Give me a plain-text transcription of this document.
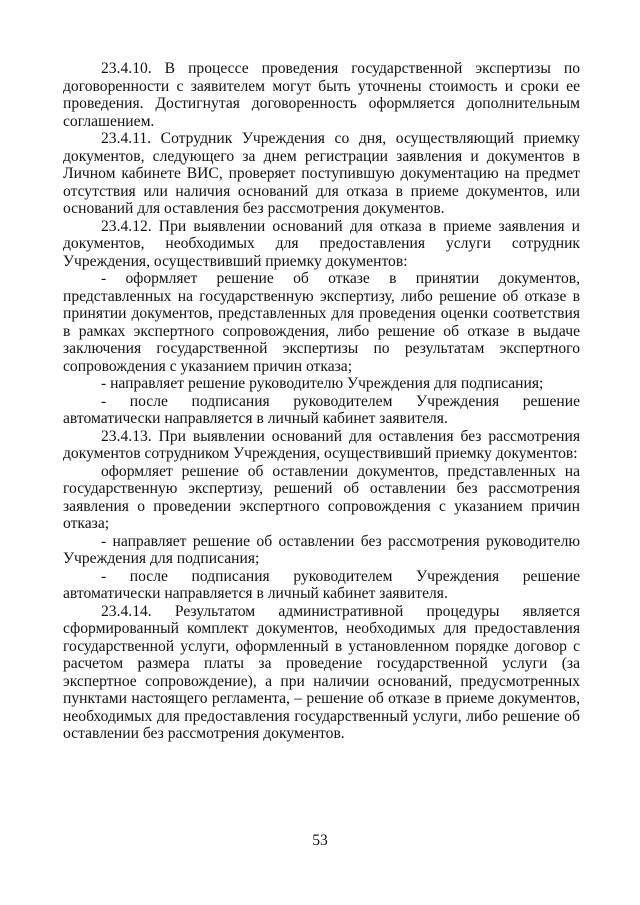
23.4.10. В процессе проведения государственной экспертизы по договоренности с заявителем могут быть уточнены стоимость и сроки ее проведения. Достигнутая договоренность оформляется дополнительным соглашением.

23.4.11. Сотрудник Учреждения со дня, осуществляющий приемку документов, следующего за днем регистрации заявления и документов в Личном кабинете ВИС, проверяет поступившую документацию на предмет отсутствия или наличия оснований для отказа в приеме документов, или оснований для оставления без рассмотрения документов.

23.4.12. При выявлении оснований для отказа в приеме заявления и документов, необходимых для предоставления услуги сотрудник Учреждения, осуществивший приемку документов:

- оформляет решение об отказе в принятии документов, представленных на государственную экспертизу, либо решение об отказе в принятии документов, представленных для проведения оценки соответствия в рамках экспертного сопровождения, либо решение об отказе в выдаче заключения государственной экспертизы по результатам экспертного сопровождения с указанием причин отказа;

- направляет решение руководителю Учреждения для подписания;

- после подписания руководителем Учреждения решение автоматически направляется в личный кабинет заявителя.

23.4.13. При выявлении оснований для оставления без рассмотрения документов сотрудником Учреждения, осуществивший приемку документов:

оформляет решение об оставлении документов, представленных на государственную экспертизу, решений об оставлении без рассмотрения заявления о проведении экспертного сопровождения с указанием причин отказа;

- направляет решение об оставлении без рассмотрения руководителю Учреждения для подписания;

- после подписания руководителем Учреждения решение автоматически направляется в личный кабинет заявителя.

23.4.14. Результатом административной процедуры является сформированный комплект документов, необходимых для предоставления государственной услуги, оформленный в установленном порядке договор с расчетом размера платы за проведение государственной услуги (за экспертное сопровождение), а при наличии оснований, предусмотренных пунктами настоящего регламента, – решение об отказе в приеме документов, необходимых для предоставления государственный услуги, либо решение об оставлении без рассмотрения документов.

53
